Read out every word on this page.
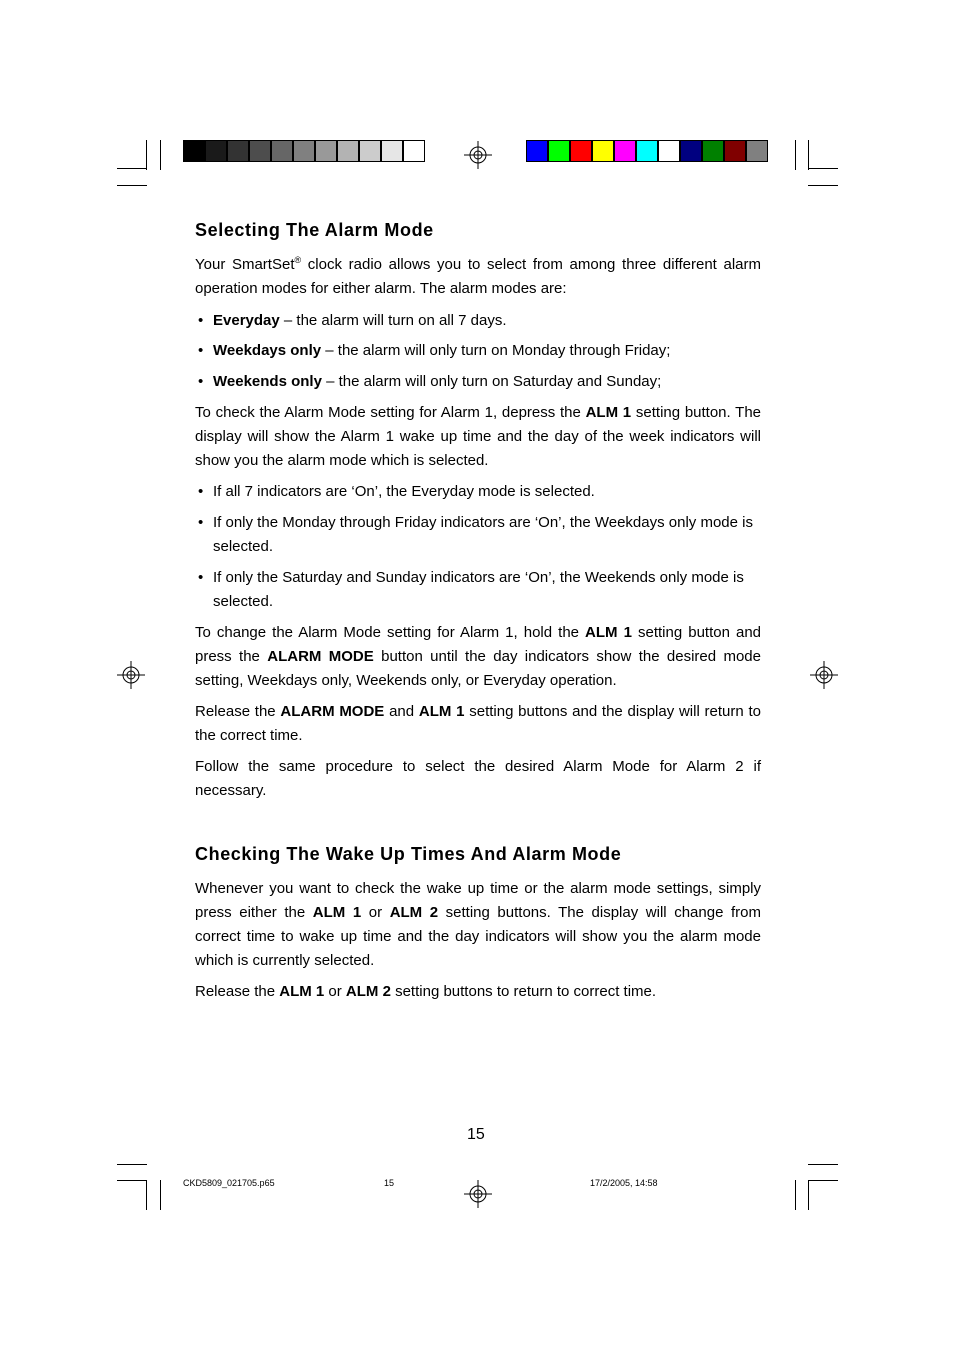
Selecting The Alarm Mode

Your SmartSet® clock radio allows you to select from among three different alarm operation modes for either alarm. The alarm modes are:

• Everyday – the alarm will turn on all 7 days.
• Weekdays only – the alarm will only turn on Monday through Friday;
• Weekends only – the alarm will only turn on Saturday and Sunday;

To check the Alarm Mode setting for Alarm 1, depress the ALM 1 setting button. The display will show the Alarm 1 wake up time and the day of the week indicators will show you the alarm mode which is selected.

• If all 7 indicators are ‘On’, the Everyday mode is selected.
• If only the Monday through Friday indicators are ‘On’, the Weekdays only mode is selected.
• If only the Saturday and Sunday indicators are ‘On’, the Weekends only mode is selected.

To change the Alarm Mode setting for Alarm 1, hold the ALM 1 setting button and press the ALARM MODE button until the day indicators show the desired mode setting, Weekdays only, Weekends only, or Everyday operation.

Release the ALARM MODE and ALM 1 setting buttons and the display will return to the correct time.

Follow the same procedure to select the desired Alarm Mode for Alarm 2 if necessary.

Checking The Wake Up Times And Alarm Mode

Whenever you want to check the wake up time or the alarm mode settings, simply press either the ALM 1 or ALM 2 setting buttons. The display will change from correct time to wake up time and the day indicators will show you the alarm mode which is currently selected.

Release the ALM 1 or ALM 2 setting buttons to return to correct time.

15
CKD5809_021705.p65	15	17/2/2005, 14:58
